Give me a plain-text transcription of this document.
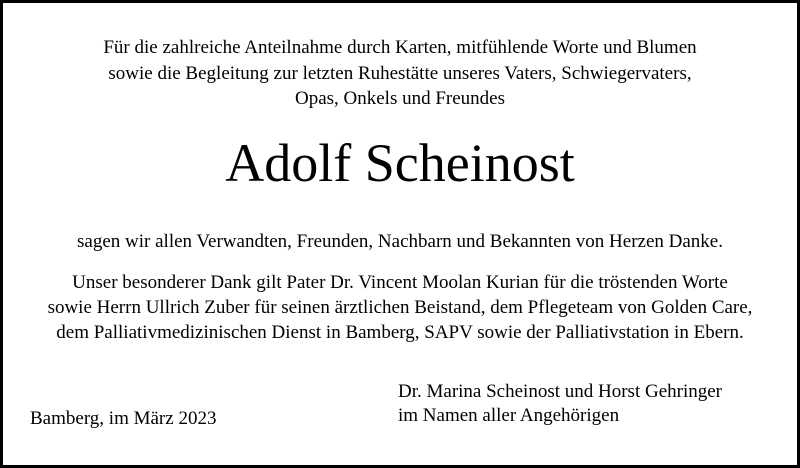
Für die zahlreiche Anteilnahme durch Karten, mitfühlende Worte und Blumen
sowie die Begleitung zur letzten Ruhestätte unseres Vaters, Schwiegervaters,
Opas, Onkels und Freundes
Adolf Scheinost
sagen wir allen Verwandten, Freunden, Nachbarn und Bekannten von Herzen Danke.
Unser besonderer Dank gilt Pater Dr. Vincent Moolan Kurian für die tröstenden Worte
sowie Herrn Ullrich Zuber für seinen ärztlichen Beistand, dem Pflegeteam von Golden Care,
dem Palliativmedizinischen Dienst in Bamberg, SAPV sowie der Palliativstation in Ebern.
Dr. Marina Scheinost und Horst Gehringer
im Namen aller Angehörigen
Bamberg, im März 2023
